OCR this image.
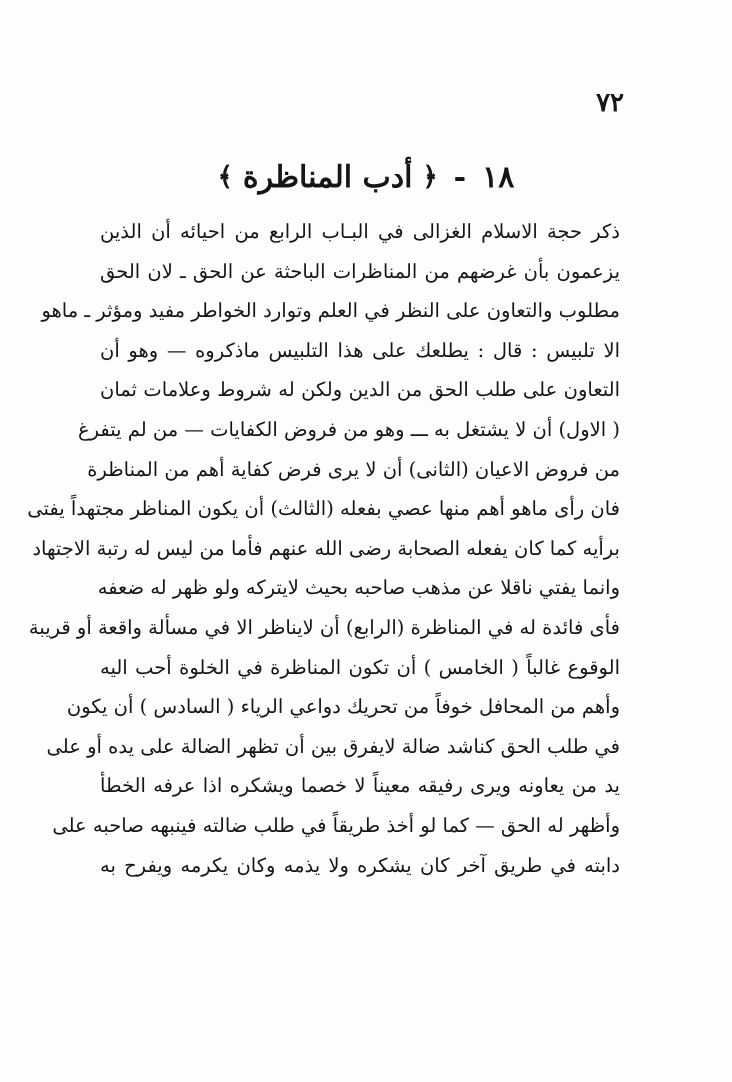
٧٢
١٨
-
﴿
أدب المناظرة
﴾
ذكر حجة الاسلام الغزالى في البـاب الرابع من احيائه أن الذين
يزعمون بأن غرضهم من المناظرات الباحثة عن الحق ـ لان الحق
مطلوب والتعاون على النظر في العلم وتوارد الخواطر مفيد ومؤثر ـ ماهو
الا تلبيس : قال : يطلعك على هذا التلبيس ماذكروه — وهو أن
التعاون على طلب الحق من الدين ولكن له شروط وعلامات ثمان
( الاول) أن لا يشتغل به ـــ وهو من فروض الكفايات — من لم يتفرغ
من فروض الاعيان (الثانى) أن لا يرى فرض كفاية أهم من المناظرة
فان رأى ماهو أهم منها عصي بفعله (الثالث) أن يكون المناظر مجتهداً يفتى
برأيه كما كان يفعله الصحابة رضى الله عنهم فأما من ليس له رتبة الاجتهاد
وانما يفتي ناقلا عن مذهب صاحبه بحيث لايتركه ولو ظهر له ضعفه
فأى فائدة له في المناظرة (الرابع) أن لايناظر الا في مسألة واقعة أو قريبة
الوقوع غالباً ( الخامس ) أن تكون المناظرة في الخلوة أحب اليه
وأهم من المحافل خوفاً من تحريك دواعي الرياء ( السادس ) أن يكون
في طلب الحق كناشد ضالة لايفرق بين أن تظهر الضالة على يده أو على
يد من يعاونه ويرى رفيقه معيناً لا خصما ويشكره اذا عرفه الخطأ
وأظهر له الحق — كما لو أخذ طريقاً في طلب ضالته فينبهه صاحبه على
دابته في طريق آخر كان يشكره ولا يذمه وكان يكرمه ويفرح به
